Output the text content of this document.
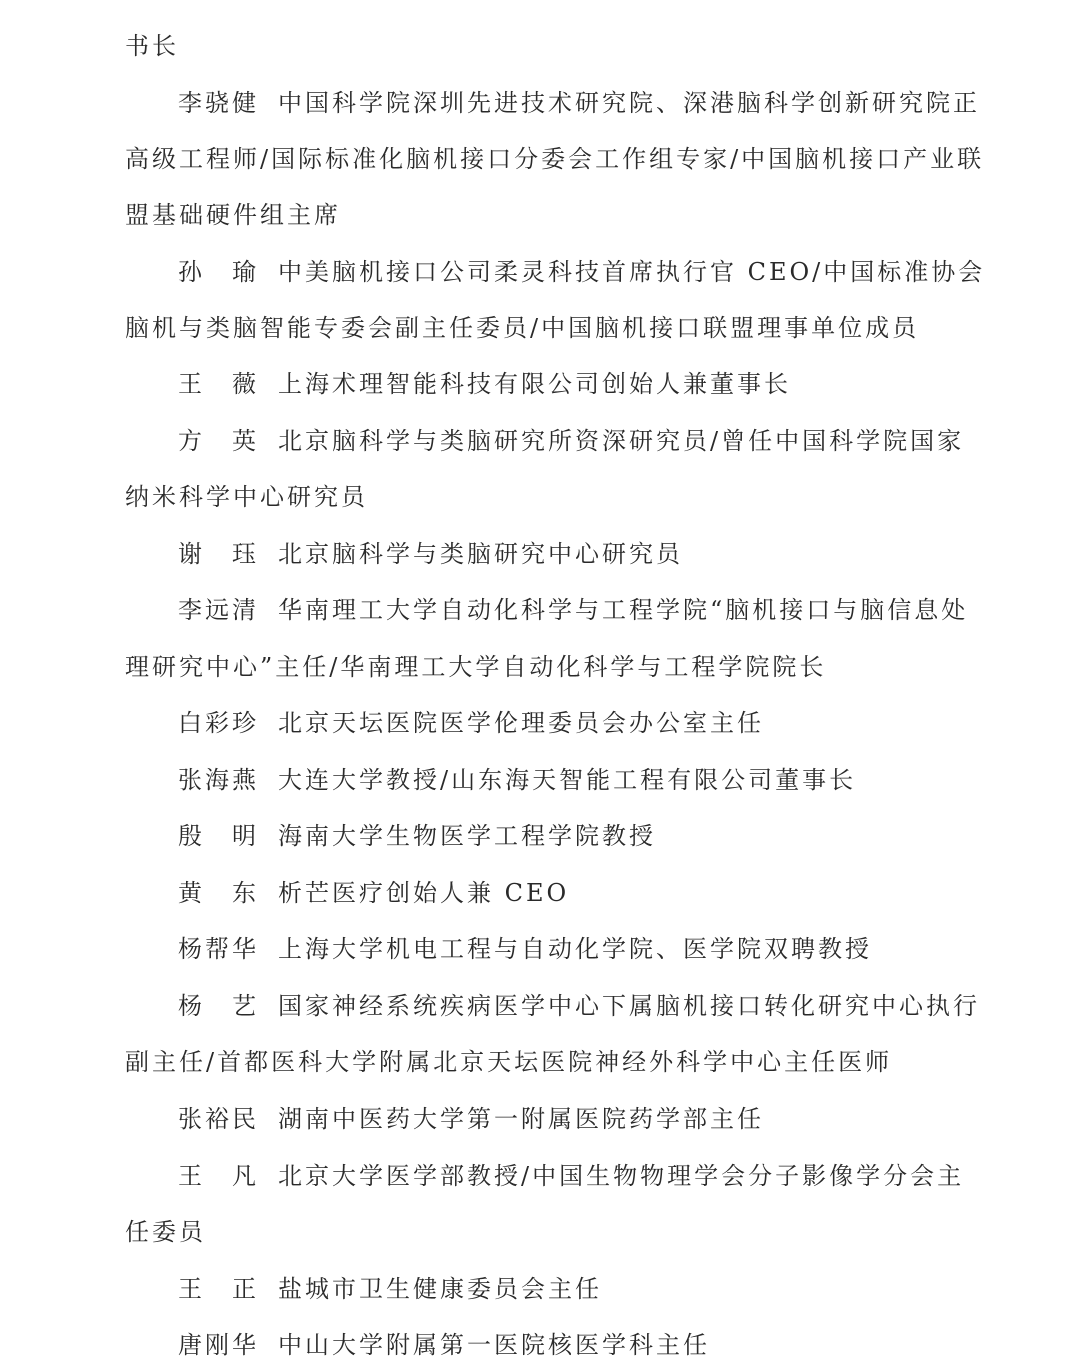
书长
李骁健 中国科学院深圳先进技术研究院、深港脑科学创新研究院正
高级工程师/国际标准化脑机接口分委会工作组专家/中国脑机接口产业联
盟基础硬件组主席
孙　瑜 中美脑机接口公司柔灵科技首席执行官 CEO/中国标准协会
脑机与类脑智能专委会副主任委员/中国脑机接口联盟理事单位成员
王　薇 上海术理智能科技有限公司创始人兼董事长
方　英 北京脑科学与类脑研究所资深研究员/曾任中国科学院国家
纳米科学中心研究员
谢　珏 北京脑科学与类脑研究中心研究员
李远清 华南理工大学自动化科学与工程学院“脑机接口与脑信息处
理研究中心”主任/华南理工大学自动化科学与工程学院院长
白彩珍 北京天坛医院医学伦理委员会办公室主任
张海燕 大连大学教授/山东海天智能工程有限公司董事长
殷　明 海南大学生物医学工程学院教授
黄　东 析芒医疗创始人兼 CEO
杨帮华 上海大学机电工程与自动化学院、医学院双聘教授
杨　艺 国家神经系统疾病医学中心下属脑机接口转化研究中心执行
副主任/首都医科大学附属北京天坛医院神经外科学中心主任医师
张裕民 湖南中医药大学第一附属医院药学部主任
王　凡 北京大学医学部教授/中国生物物理学会分子影像学分会主
任委员
王　正 盐城市卫生健康委员会主任
唐刚华 中山大学附属第一医院核医学科主任
